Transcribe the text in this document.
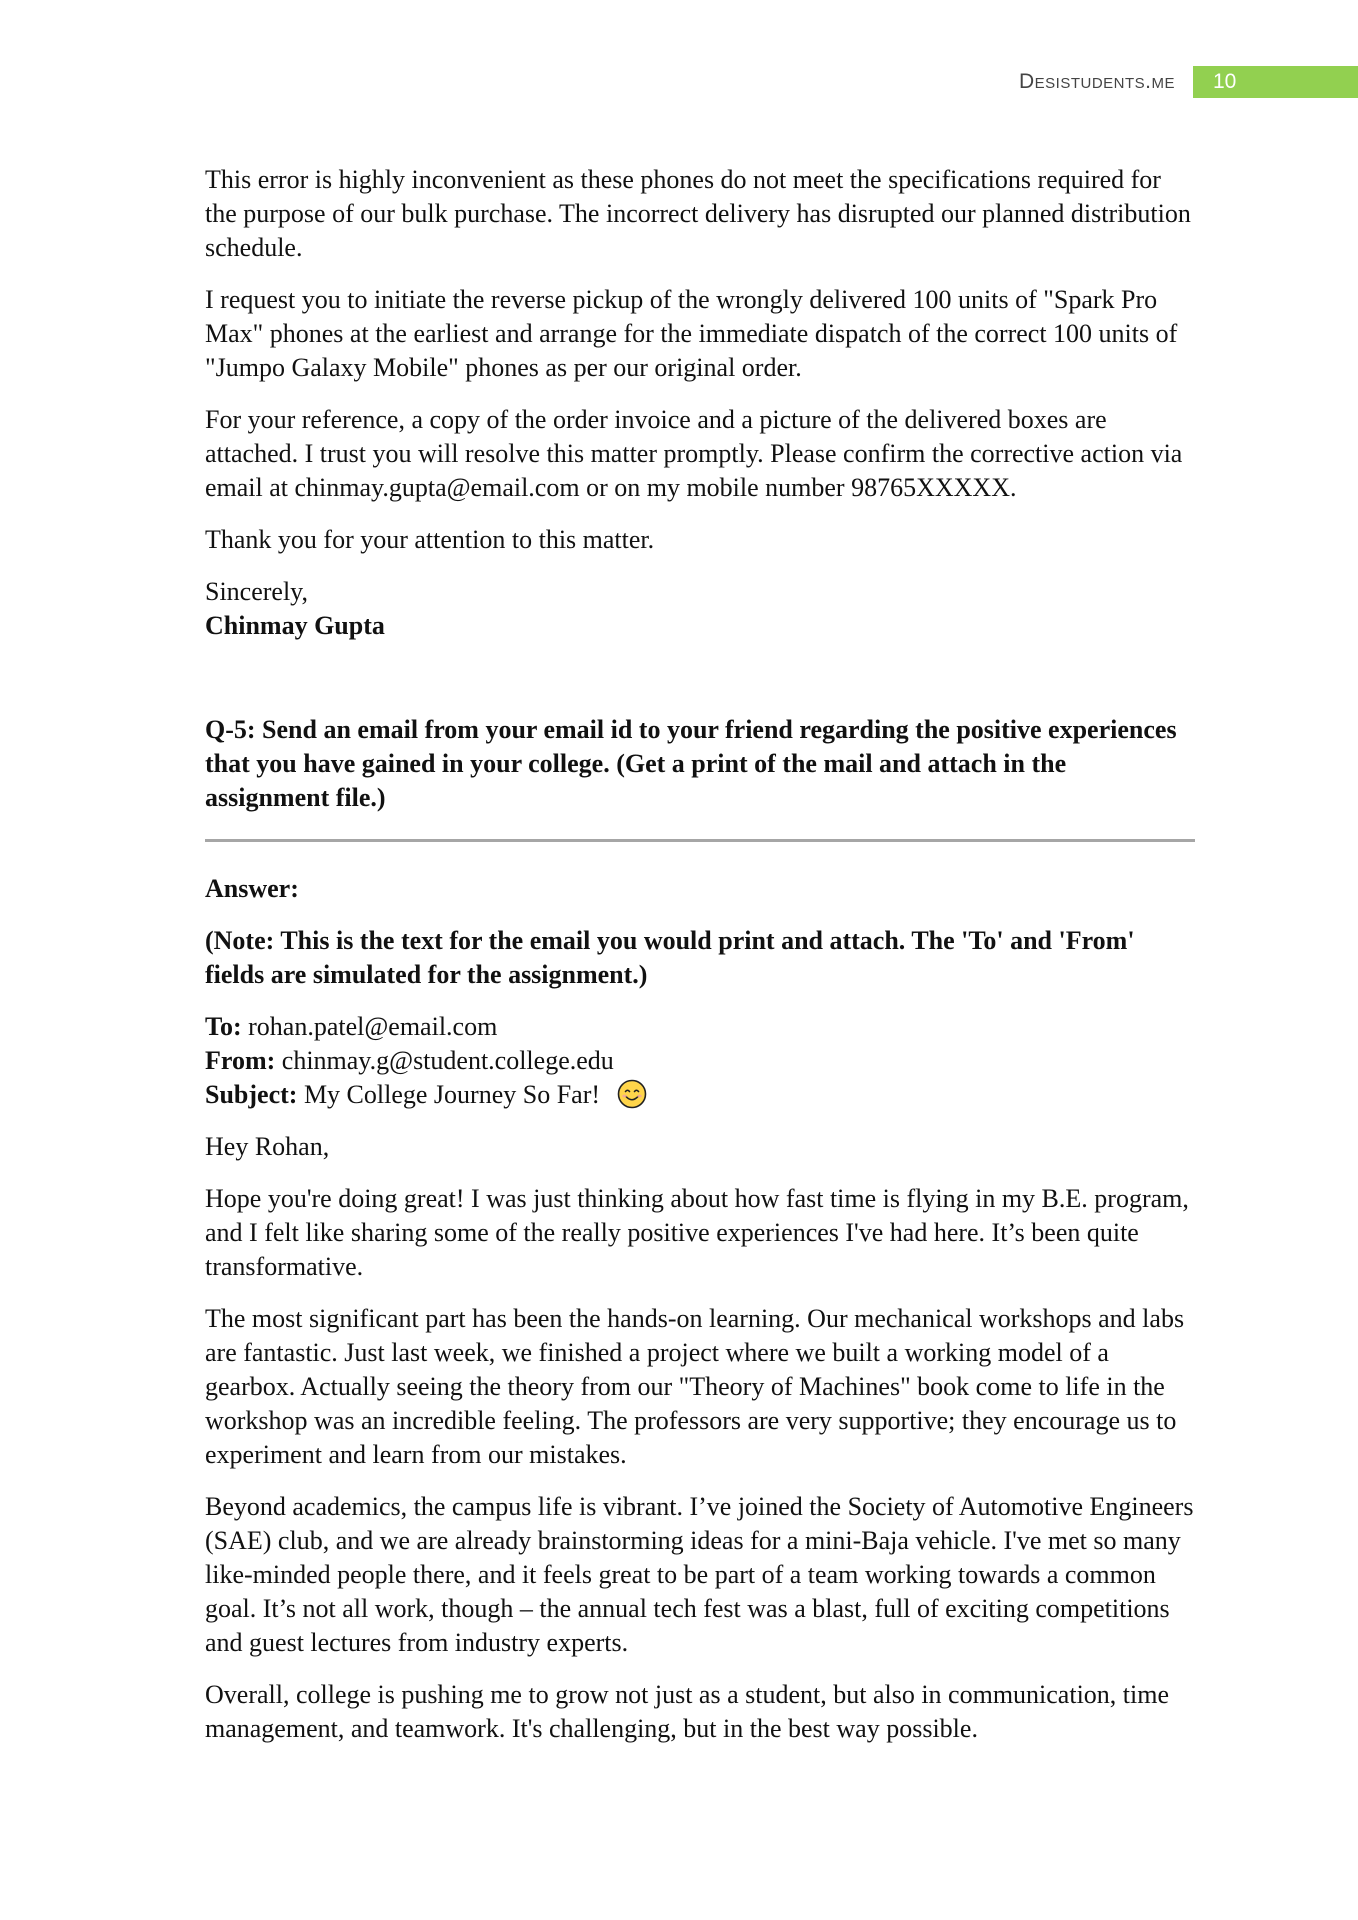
Desistudents.me	10

This error is highly inconvenient as these phones do not meet the specifications required for the purpose of our bulk purchase. The incorrect delivery has disrupted our planned distribution schedule.

I request you to initiate the reverse pickup of the wrongly delivered 100 units of "Spark Pro Max" phones at the earliest and arrange for the immediate dispatch of the correct 100 units of "Jumpo Galaxy Mobile" phones as per our original order.

For your reference, a copy of the order invoice and a picture of the delivered boxes are attached. I trust you will resolve this matter promptly. Please confirm the corrective action via email at chinmay.gupta@email.com or on my mobile number 98765XXXXX.

Thank you for your attention to this matter.

Sincerely,
Chinmay Gupta

Q-5: Send an email from your email id to your friend regarding the positive experiences that you have gained in your college. (Get a print of the mail and attach in the assignment file.)

Answer:

(Note: This is the text for the email you would print and attach. The 'To' and 'From' fields are simulated for the assignment.)

To: rohan.patel@email.com
From: chinmay.g@student.college.edu
Subject: My College Journey So Far!

Hey Rohan,

Hope you're doing great! I was just thinking about how fast time is flying in my B.E. program, and I felt like sharing some of the really positive experiences I've had here. It’s been quite transformative.

The most significant part has been the hands-on learning. Our mechanical workshops and labs are fantastic. Just last week, we finished a project where we built a working model of a gearbox. Actually seeing the theory from our "Theory of Machines" book come to life in the workshop was an incredible feeling. The professors are very supportive; they encourage us to experiment and learn from our mistakes.

Beyond academics, the campus life is vibrant. I’ve joined the Society of Automotive Engineers (SAE) club, and we are already brainstorming ideas for a mini-Baja vehicle. I've met so many like-minded people there, and it feels great to be part of a team working towards a common goal. It’s not all work, though – the annual tech fest was a blast, full of exciting competitions and guest lectures from industry experts.

Overall, college is pushing me to grow not just as a student, but also in communication, time management, and teamwork. It's challenging, but in the best way possible.
